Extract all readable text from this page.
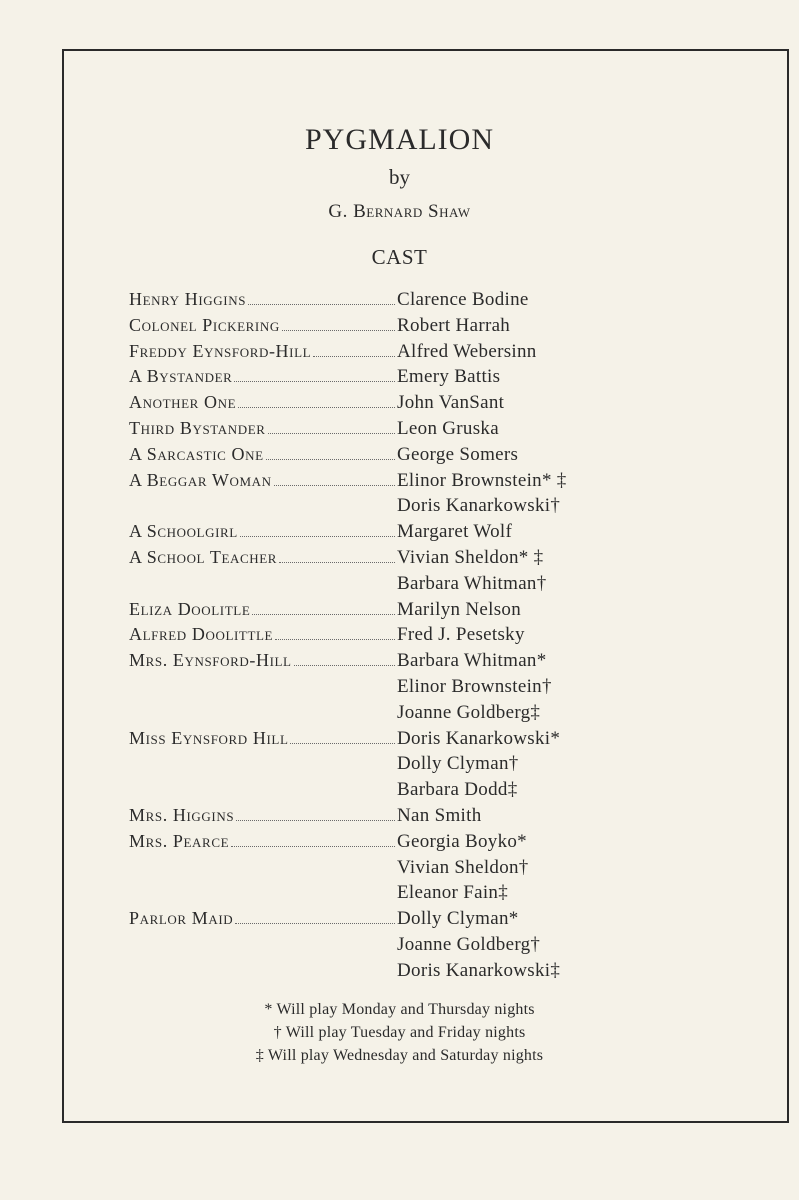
PYGMALION
by
G. Bernard Shaw
CAST
Henry Higgins	Clarence Bodine
Colonel Pickering	Robert Harrah
Freddy Eynsford-Hill	Alfred Webersinn
A Bystander	Emery Battis
Another One	John VanSant
Third Bystander	Leon Gruska
A Sarcastic One	George Somers
A Beggar Woman	Elinor Brownstein* ‡
Doris Kanarkowski†
A Schoolgirl	Margaret Wolf
A School Teacher	Vivian Sheldon* ‡
Barbara Whitman†
Eliza Doolitle	Marilyn Nelson
Alfred Doolittle	Fred J. Pesetsky
Mrs. Eynsford-Hill	Barbara Whitman*
Elinor Brownstein†
Joanne Goldberg‡
Miss Eynsford Hill	Doris Kanarkowski*
Dolly Clyman†
Barbara Dodd‡
Mrs. Higgins	Nan Smith
Mrs. Pearce	Georgia Boyko*
Vivian Sheldon†
Eleanor Fain‡
Parlor Maid	Dolly Clyman*
Joanne Goldberg†
Doris Kanarkowski‡
* Will play Monday and Thursday nights
† Will play Tuesday and Friday nights
‡ Will play Wednesday and Saturday nights
